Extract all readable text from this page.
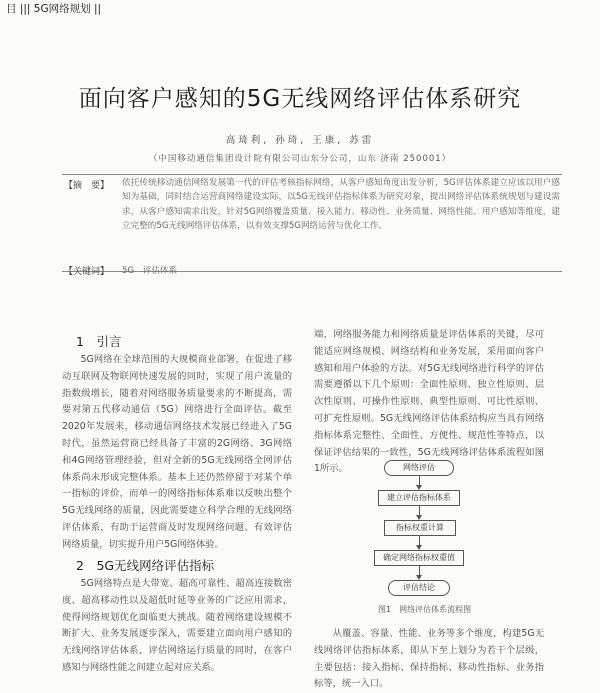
目 ||| 5G网络规划 ||
面向客户感知的5G无线网络评估体系研究
高琦利, 孙琦, 王康, 苏雷
（中国移动通信集团设计院有限公司山东分公司，山东 济南 250001）
【摘　要】 依托传统移动通信网络发展第一代的评估考核指标网络，从客户感知角度出发分析，5G评估体系建立应该以用户感知为基础，同时结合运营商网络建设实际，以5G无线评估指标体系为研究对象，提出网络评估体系统规划与建设需求，从客户感知需求出发，针对5G网络覆盖质量、接入能力、移动性、业务质量、网络性能、用户感知等维度，建立完整的5G无线网络评估体系，以有效支撑5G网络运营与优化工作。
【关键词】 5G　评估体系
1　引言
5G网络在全球范围的大规模商业部署，在促进了移动互联网及物联网快速发展的同时，实现了用户流量的指数级增长，随着对网络服务质量要求的不断提高，需要对第五代移动通信（5G）网络进行全面评估。截至2020年发展来，移动通信网络技术发展已经进入了5G时代，虽然运营商已经具备了丰富的2G网络、3G网络和4G网络管理经验，但对全新的5G无线网络全网评估体系尚未形成完整体系。基本上还仍然停留于对某个单一指标的评价，而单一的网络指标体系难以反映出整个5G无线网络的质量，因此需要建立科学合理的无线网络评估体系，有助于运营商及时发现网络问题、有效评估网络质量，切实提升用户5G网络体验。
2　5G无线网络评估指标
5G网络特点是大带宽、超高可靠性、超高连接数密度、超高移动性以及超低时延等业务的广泛应用需求，使得网络规划优化面临更大挑战。随着网络建设规模不断扩大、业务发展逐步深入，需要建立面向用户感知的无线网络评估体系，评估网络运行质量的同时，在客户感知与网络性能之间建立起对应关系。
端，网络服务能力和网络质量是评估体系的关键，尽可能适应网络规模、网络结构和业务发展，采用面向客户感知和用户体验的方法。对5G无线网络进行科学的评估需要遵循以下几个原则：全面性原则、独立性原则、层次性原则、可操作性原则、典型性原则、可比性原则、可扩充性原则。5G无线网络评估体系结构应当具有网络指标体系完整性、全面性、方便性、规范性等特点，以保证评估结果的一致性，5G无线网络评估体系流程如图1所示。	网络评估
建立评估指标体系
指标权重计算
确定网络指标权重值
评估结论
图1　网络评估体系流程图
从覆盖、容量、性能、业务等多个维度，构建5G无线网络评估指标体系，即从下至上划分为若干个层级，主要包括：接入指标、保持指标、移动性指标、业务指标等，统一入口。
